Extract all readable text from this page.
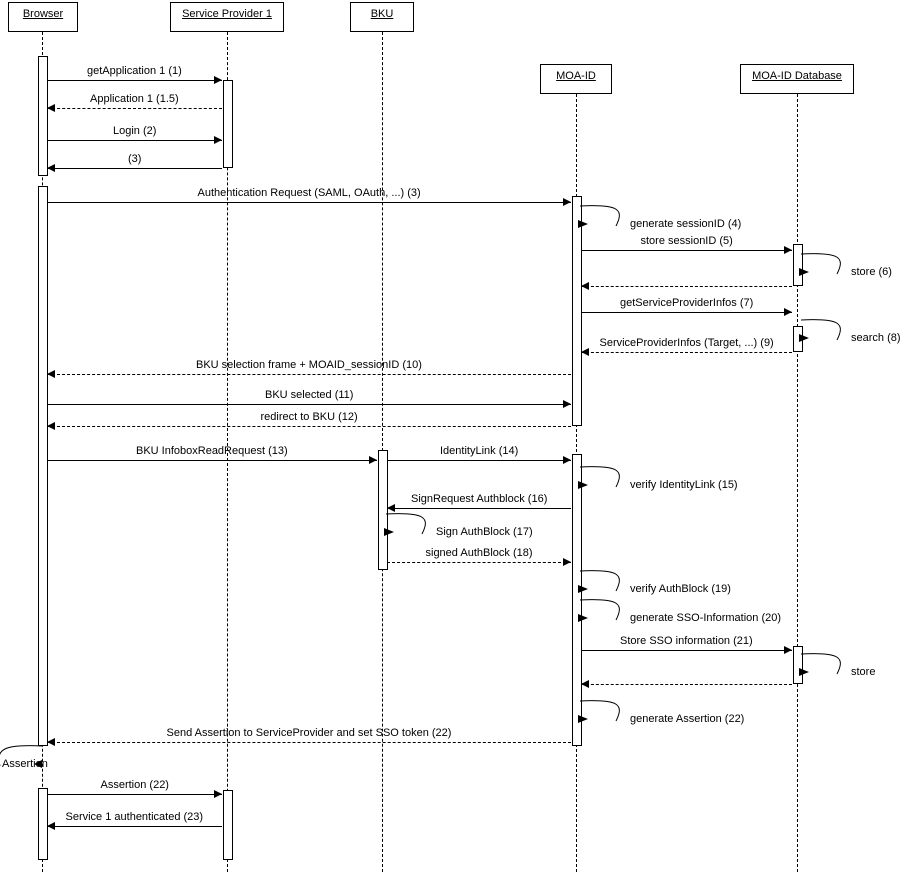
Browser	Service Provider 1	BKU
MOA-ID	MOA-ID Database
getApplication 1 (1)
Application 1 (1.5)
Login (2)
(3)
Authentication Request (SAML, OAuth, ...) (3)
generate sessionID (4)
store sessionID (5)
store (6)
getServiceProviderInfos (7)
search (8)
ServiceProviderInfos (Target, ...) (9)
BKU selection frame + MOAID_sessionID (10)
BKU selected (11)
redirect to BKU (12)
BKU InfoboxReadRequest (13)	IdentityLink (14)
verify IdentityLink (15)
SignRequest Authblock (16)
Sign AuthBlock (17)
signed AuthBlock (18)
verify AuthBlock (19)
generate SSO-Information (20)
Store SSO information (21)
store
generate Assertion (22)
Send Assertion to ServiceProvider and set SSO token (22)
Assertion
Assertion (22)
Service 1 authenticated (23)
